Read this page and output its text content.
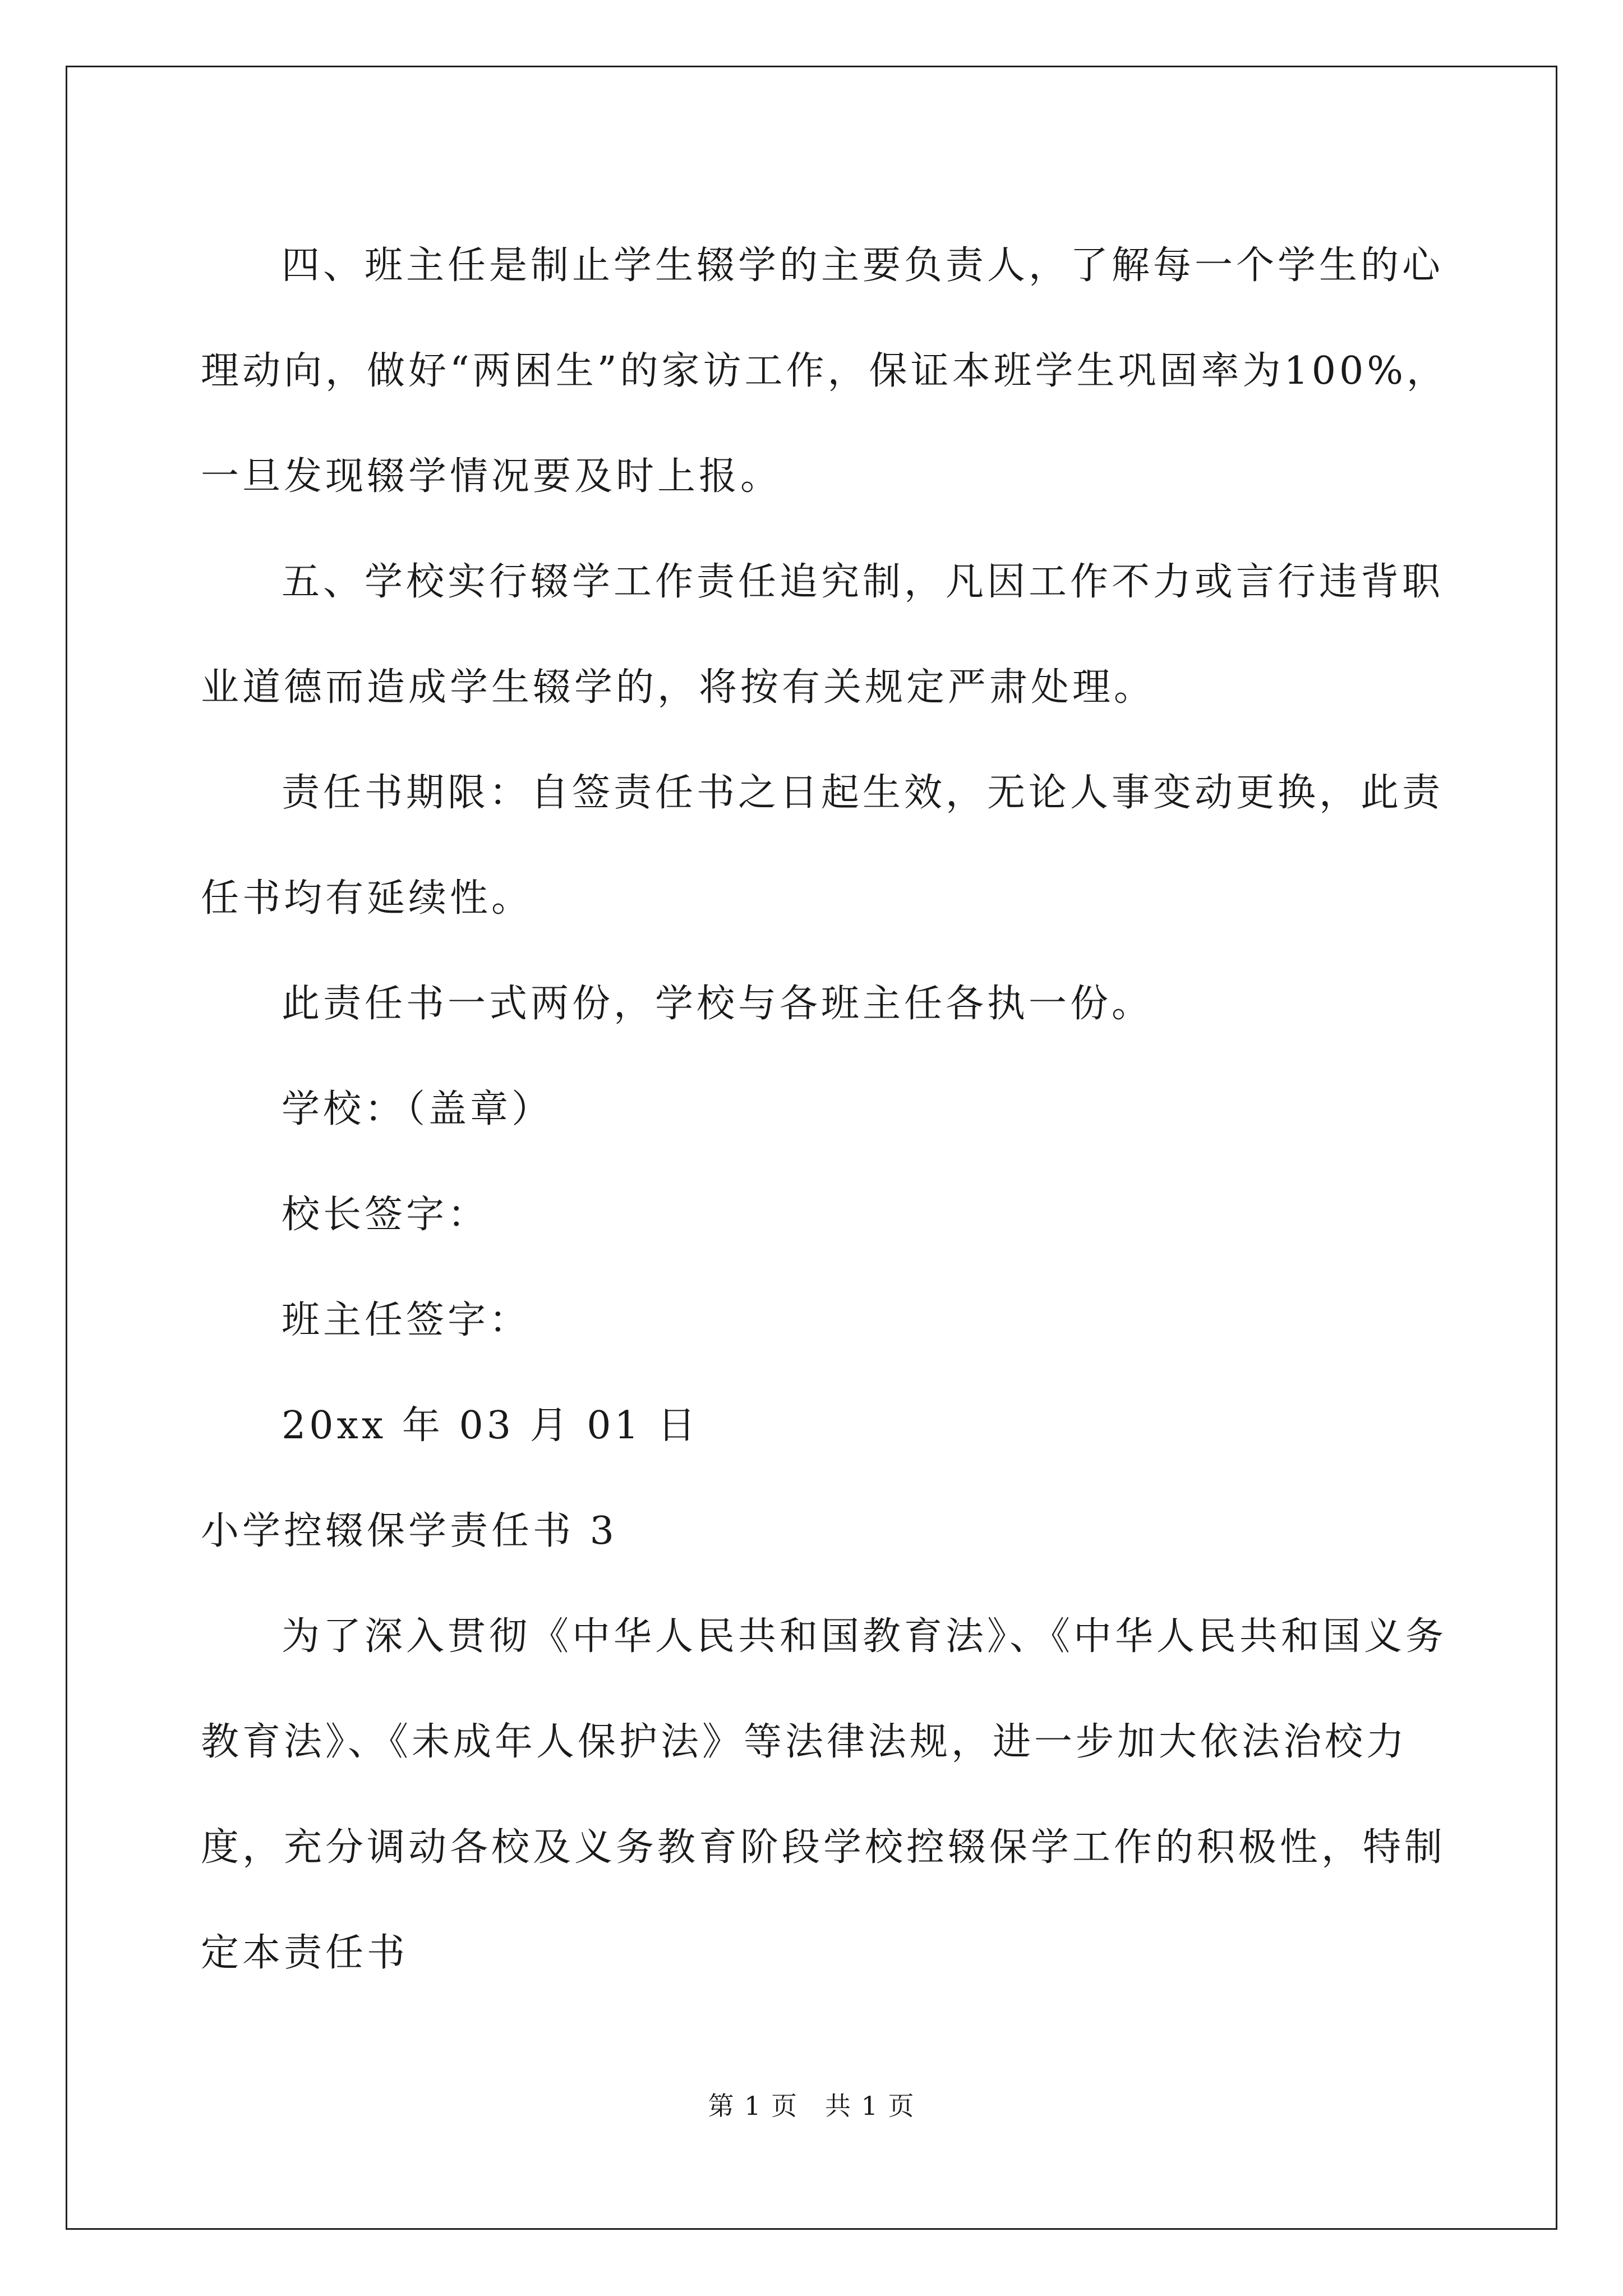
四、班主任是制止学生辍学的主要负责人，了解每一个学生的心理动向，做好“两困生”的家访工作，保证本班学生巩固率为100%，一旦发现辍学情况要及时上报。

五、学校实行辍学工作责任追究制，凡因工作不力或言行违背职业道德而造成学生辍学的，将按有关规定严肃处理。

责任书期限：自签责任书之日起生效，无论人事变动更换，此责任书均有延续性。

此责任书一式两份，学校与各班主任各执一份。

学校：（盖章）

校长签字：

班主任签字：

20xx 年 03 月 01 日

小学控辍保学责任书 3

为了深入贯彻《中华人民共和国教育法》、《中华人民共和国义务教育法》、《未成年人保护法》等法律法规，进一步加大依法治校力度，充分调动各校及义务教育阶段学校控辍保学工作的积极性，特制定本责任书

第 1 页　共 1 页
